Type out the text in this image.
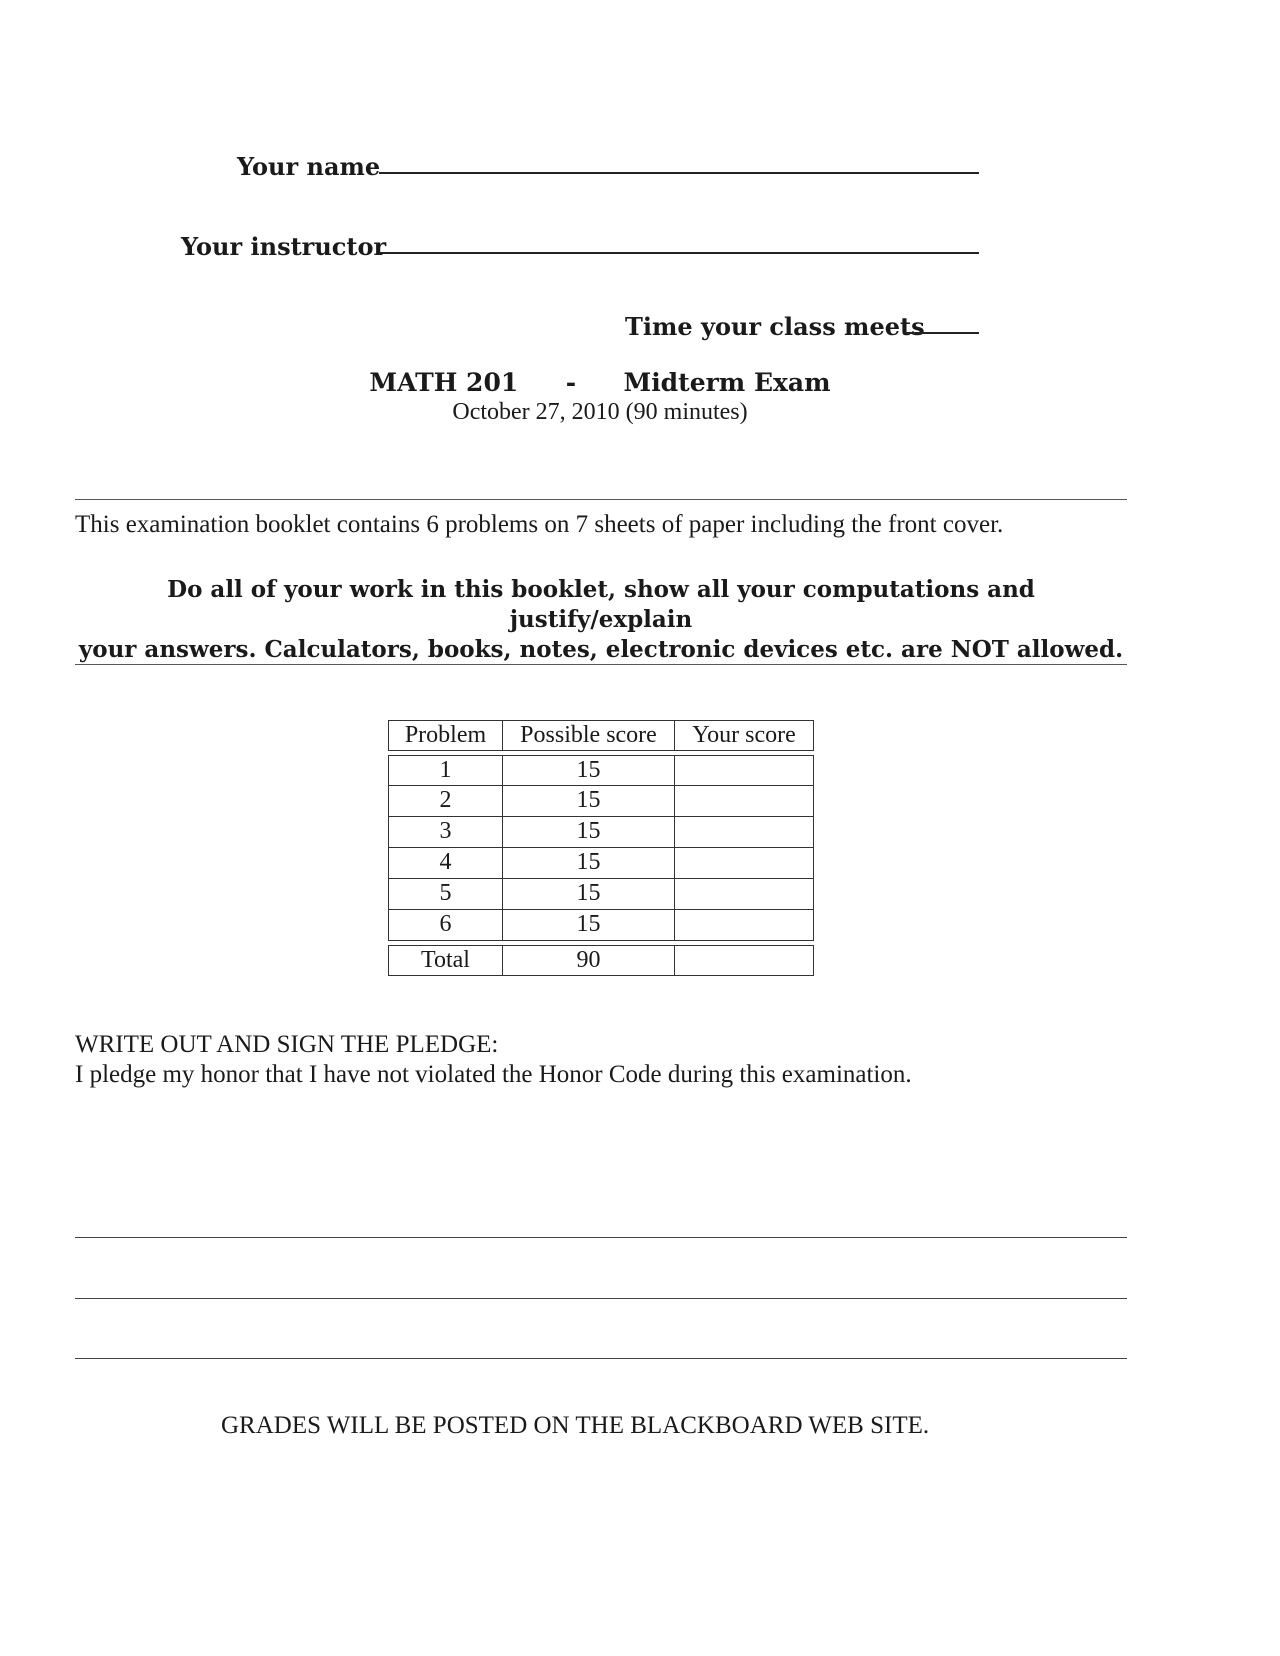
Your name
Your instructor
Time your class meets
MATH 201 - Midterm Exam
October 27, 2010 (90 minutes)
This examination booklet contains 6 problems on 7 sheets of paper including the front cover.
Do all of your work in this booklet, show all your computations and justify/explain
your answers. Calculators, books, notes, electronic devices etc. are NOT allowed.
Problem	Possible score	Your score
1	15
2	15
3	15
4	15
5	15
6	15
Total	90
WRITE OUT AND SIGN THE PLEDGE:
I pledge my honor that I have not violated the Honor Code during this examination.
GRADES WILL BE POSTED ON THE BLACKBOARD WEB SITE.
